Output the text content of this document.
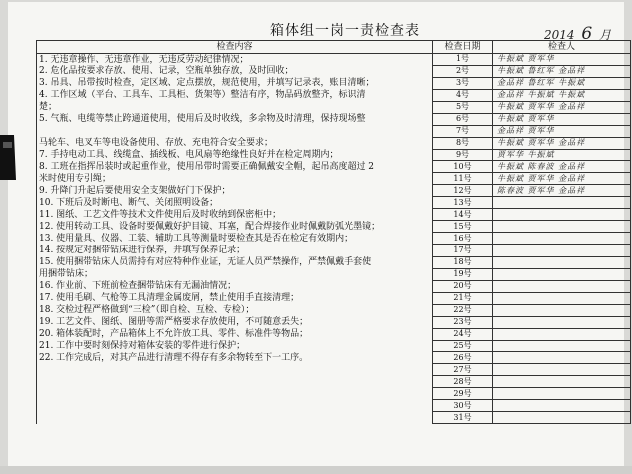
箱体组一岗一责检查表	2014 6 月
检查内容	检查日期	检查人
1. 无违章操作、无违章作业，无违反劳动纪律情况；	1号	牛振斌 贾军华
2. 危化品按要求存放、使用、记录，空瓶单独存放，及时回收；	2号	牛振斌 鲁红军 金品祥
3. 吊具、吊带按时检查，定区域、定点摆放，规范使用，并填写记录表，账目清晰；	3号	金品祥 鲁红军 牛振斌
4. 工作区域（平台、工具车、工具柜、货架等）整洁有序，物品码放整齐，标识清	4号	金品祥 牛振斌 牛振斌
楚；	5号	牛振斌 贾军华 金品祥
5. 气瓶、电缆等禁止跨通道使用，使用后及时收线，多余物及时清理，保持现场整	6号	牛振斌 贾军华
	7号	金品祥 贾军华
马轮车、电叉车等电设备使用、存放、充电符合安全要求；	8号	牛振斌 贾军华 金品祥
7. 手持电动工具、线缆盒、插线板、电风扇等绝缘性良好并在检定周期内；	9号	贾军华 牛振斌
8. 工班在指挥吊装时或起重作业，使用吊带时需要正确佩戴安全帽，起吊高度超过 2	10号	牛振斌 陈春波 金品祥
米时使用专引绳；	11号	牛振斌 贾军华 金品祥
9. 升降门升起后要使用安全支架做好门下保护；	12号	陈春波 贾军华 金品祥
10. 下班后及时断电、断气、关闭照明设备；	13号	
11. 图纸、工艺文件等技术文件使用后及时收纳到保密柜中；	14号	
12. 使用转动工具、设备时要佩戴好护目镜、耳塞，配合焊接作业时佩戴防弧光墨镜；	15号	
13. 使用量具、仪器、工装、辅助工具等测量时要检查其是否在检定有效期内；	16号	
14. 按规定对捆带钻床进行保养，并填写保养记录；	17号	
15. 使用捆带钻床人员需持有对应特种作业证，无证人员严禁操作，严禁佩戴手套使	18号	
用捆带钻床；	19号	
16. 作业前、下班前检查捆带钻床有无漏油情况；	20号	
17. 使用毛刷、气枪等工具清理金属废屑，禁止使用手直接清理；	21号	
18. 交检过程严格做到“三检”（即自检、互检、专检）；	22号	
19. 工艺文件、图纸、图册等需严格要求存放使用，不可随意丢失；	23号	
20. 箱体装配时，产品箱体上不允许放工具、零件、标准件等物品；	24号	
21. 工作中要时刻保持对箱体安装的零件进行保护；	25号	
22. 工作完成后，对其产品进行清理不得存有多余物转至下一工序。	26号	
	27号	
	28号	
	29号	
	30号	
	31号	
